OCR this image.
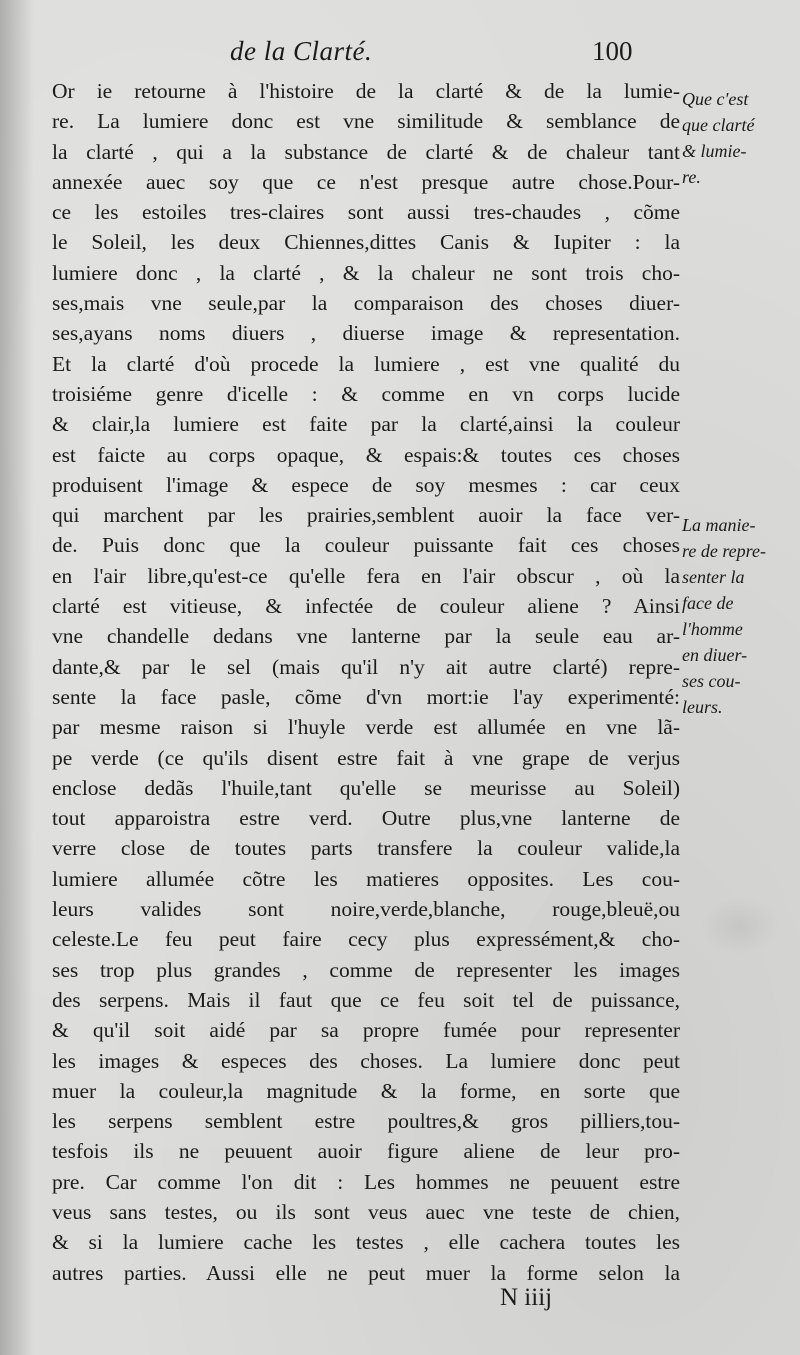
de la Clarté.	100
Or ie retourne à l'histoire de la clarté & de la lumie-
re. La lumiere donc est vne similitude & semblance de
la clarté , qui a la substance de clarté & de chaleur tant
annexée auec soy que ce n'est presque autre chose.Pour-
ce les estoiles tres-claires sont aussi tres-chaudes , cõme
le Soleil, les deux Chiennes,dittes Canis & Iupiter : la
lumiere donc , la clarté , & la chaleur ne sont trois cho-
ses,mais vne seule,par la comparaison des choses diuer-
ses,ayans noms diuers , diuerse image & representation.
Et la clarté d'où procede la lumiere , est vne qualité du
troisiéme genre d'icelle : & comme en vn corps lucide
& clair,la lumiere est faite par la clarté,ainsi la couleur
est faicte au corps opaque, & espais:& toutes ces choses
produisent l'image & espece de soy mesmes : car ceux
qui marchent par les prairies,semblent auoir la face ver-
de. Puis donc que la couleur puissante fait ces choses
en l'air libre,qu'est-ce qu'elle fera en l'air obscur , où la
clarté est vitieuse, & infectée de couleur aliene ? Ainsi
vne chandelle dedans vne lanterne par la seule eau ar-
dante,& par le sel (mais qu'il n'y ait autre clarté) repre-
sente la face pasle, cõme d'vn mort:ie l'ay experimenté:
par mesme raison si l'huyle verde est allumée en vne lã-
pe verde (ce qu'ils disent estre fait à vne grape de verjus
enclose dedãs l'huile,tant qu'elle se meurisse au Soleil)
tout apparoistra estre verd. Outre plus,vne lanterne de
verre close de toutes parts transfere la couleur valide,la
lumiere allumée cõtre les matieres opposites. Les cou-
leurs valides sont noire,verde,blanche, rouge,bleuë,ou
celeste.Le feu peut faire cecy plus expressément,& cho-
ses trop plus grandes , comme de representer les images
des serpens. Mais il faut que ce feu soit tel de puissance,
& qu'il soit aidé par sa propre fumée pour representer
les images & especes des choses. La lumiere donc peut
muer la couleur,la magnitude & la forme, en sorte que
les serpens semblent estre poultres,& gros pilliers,tou-
tesfois ils ne peuuent auoir figure aliene de leur pro-
pre. Car comme l'on dit : Les hommes ne peuuent estre
veus sans testes, ou ils sont veus auec vne teste de chien,
& si la lumiere cache les testes , elle cachera toutes les
autres parties. Aussi elle ne peut muer la forme selon la
Que c'est
que clarté
& lumie-
re.
La manie-
re de repre-
senter la
face de
l'homme
en diuer-
ses cou-
leurs.
N iiij
